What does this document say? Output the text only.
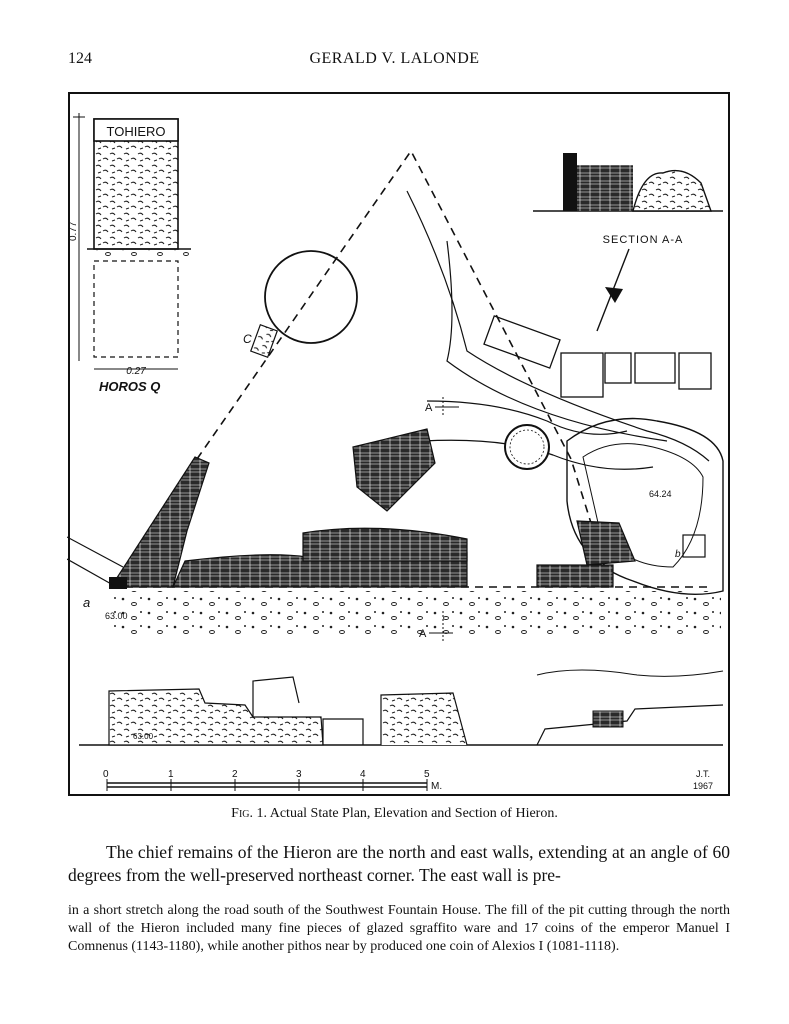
124	GERALD V. LALONDE
TOHIERO
0.77
0.27
HOROS Q
SECTION A-A
C
64.24
b
A
a
63.00
63.00
0	1	2	3	4	5
M.
J.T.
1967
Fig. 1. Actual State Plan, Elevation and Section of Hieron.

The chief remains of the Hieron are the north and east walls, extending at an angle of 60 degrees from the well-preserved northeast corner. The east wall is pre-

in a short stretch along the road south of the Southwest Fountain House. The fill of the pit cutting through the north wall of the Hieron included many fine pieces of glazed sgraffito ware and 17 coins of the emperor Manuel I Comnenus (1143-1180), while another pithos near by produced one coin of Alexios I (1081-1118).
